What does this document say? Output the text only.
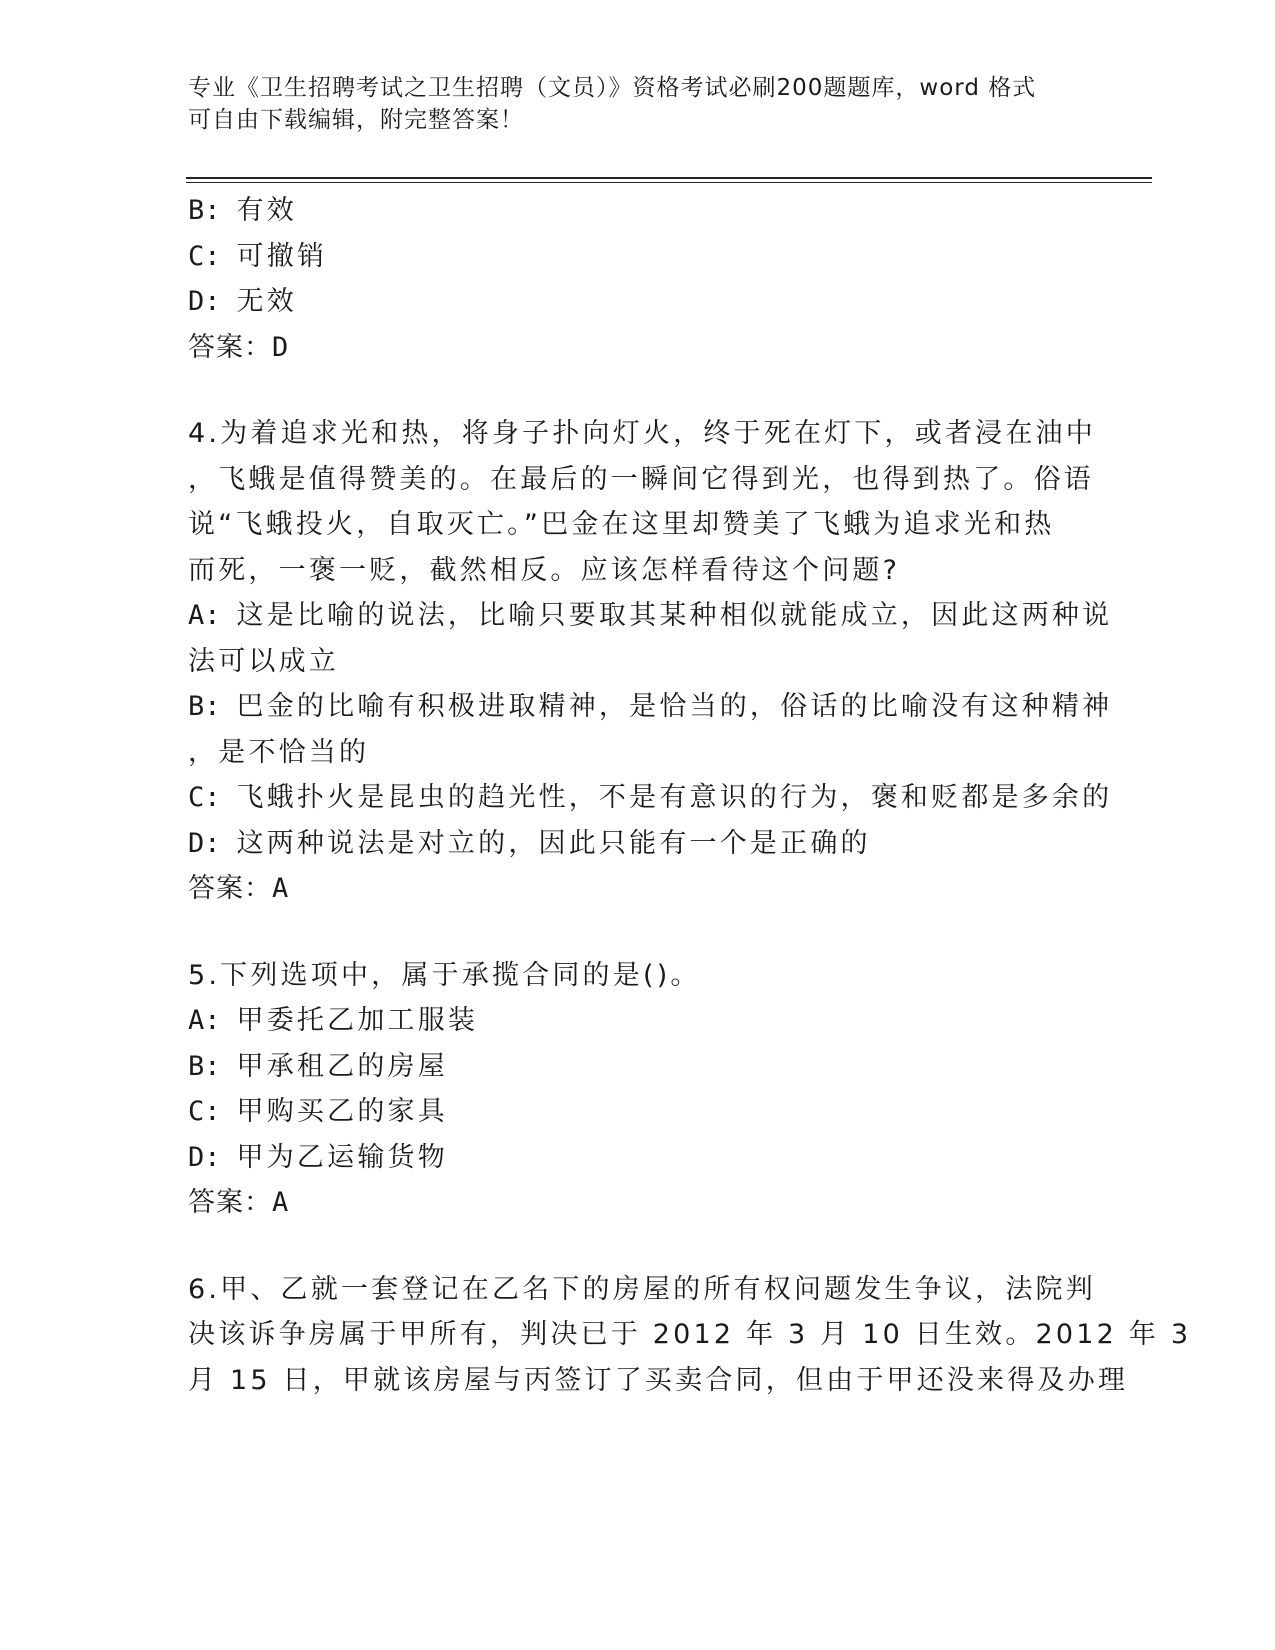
专业《卫生招聘考试之卫生招聘（文员）》资格考试必刷200题题库，word 格式
可自由下载编辑，附完整答案！
B: 有效
C: 可撤销
D: 无效
答案：D
4.为着追求光和热，将身子扑向灯火，终于死在灯下，或者浸在油中
，飞蛾是值得赞美的。在最后的一瞬间它得到光，也得到热了。俗语
说“飞蛾投火，自取灭亡。”巴金在这里却赞美了飞蛾为追求光和热
而死，一褒一贬，截然相反。应该怎样看待这个问题?
A: 这是比喻的说法，比喻只要取其某种相似就能成立，因此这两种说
法可以成立
B: 巴金的比喻有积极进取精神，是恰当的，俗话的比喻没有这种精神
，是不恰当的
C: 飞蛾扑火是昆虫的趋光性，不是有意识的行为，褒和贬都是多余的
D: 这两种说法是对立的，因此只能有一个是正确的
答案：A
5.下列选项中，属于承揽合同的是()。
A: 甲委托乙加工服装
B: 甲承租乙的房屋
C: 甲购买乙的家具
D: 甲为乙运输货物
答案：A
6.甲、乙就一套登记在乙名下的房屋的所有权问题发生争议，法院判
决该诉争房属于甲所有，判决已于 2012 年 3 月 10 日生效。2012 年 3
月 15 日，甲就该房屋与丙签订了买卖合同，但由于甲还没来得及办理
